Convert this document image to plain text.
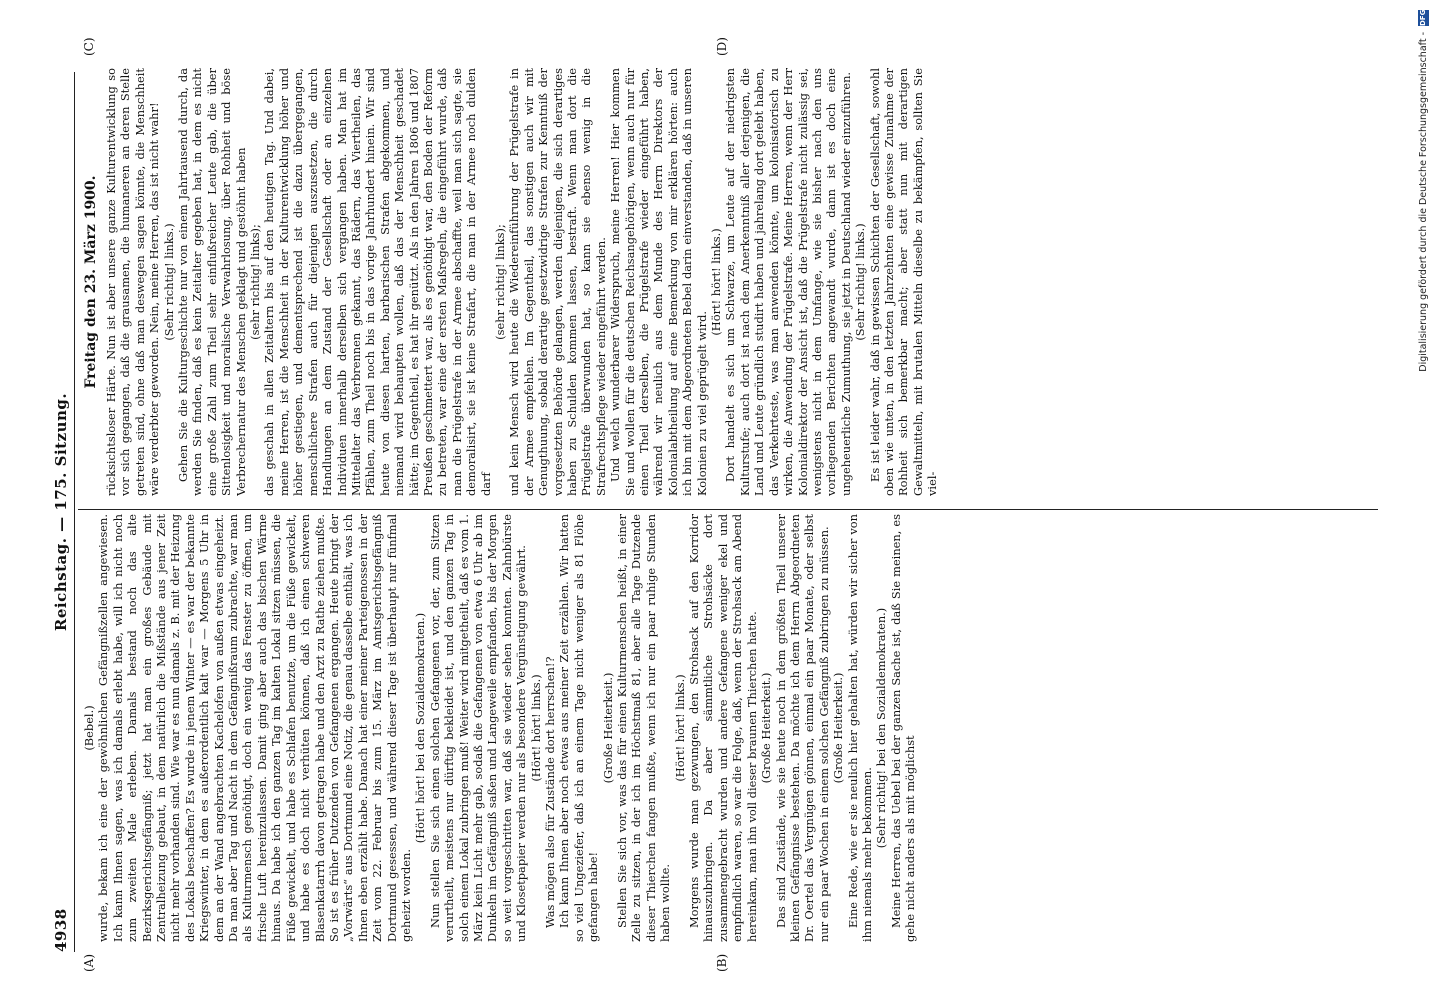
4938
Reichstag. — 175. Sitzung.
(A)	(B)
(C)	(D)

(Bebel.) wurde, bekam ich eine der gewöhnlichen Gefängnißzellen angewiesen. Ich kann Ihnen sagen, was ich damals erlebt habe, will ich nicht noch zum zweiten Male erleben. Damals bestand noch das alte Bezirksgerichtsgefängniß; jetzt hat man ein großes Gebäude mit Zentralheizung gebaut, in dem natürlich die Mißstände aus jener Zeit nicht mehr vorhanden sind. Wie war es nun damals z. B. mit der Heizung des Lokals beschaffen? Es wurde in jenem Winter — es war der bekannte Kriegswinter, in dem es außerordentlich kalt war — Morgens 5 Uhr in dem an der Wand angebrachten Kachelofen von außen etwas eingeheizt. Da man aber Tag und Nacht in dem Gefängnißraum zubrachte, war man als Kulturmensch genöthigt, doch ein wenig das Fenster zu öffnen, um frische Luft hereinzulassen. Damit ging aber auch das bischen Wärme hinaus. Da habe ich den ganzen Tag im kalten Lokal sitzen müssen, die Füße gewickelt, und habe es Schlafen benutzte, um die Füße gewickelt, und habe es doch nicht verhüten können, daß ich einen schweren Blasenkatarrh davon getragen habe und den Arzt zu Rathe ziehen mußte. So ist es früher Dutzenden von Gefangenen ergangen. Heute bringt der „Vorwärts“ aus Dortmund eine Notiz, die genau dasselbe enthält, was ich Ihnen eben erzählt habe. Danach hat einer meiner Parteigenossen in der Zeit vom 22. Februar bis zum 15. März im Amtsgerichtsgefängniß Dortmund gesessen, und während dieser Tage ist überhaupt nur fünfmal geheizt worden.

(Hört! hört! bei den Sozialdemokraten.) Nun stellen Sie sich einen solchen Gefangenen vor, der, zum Sitzen verurtheilt, meistens nur dürftig bekleidet ist, und den ganzen Tag in solch einem Lokal zubringen muß! Weiter wird mitgetheilt, daß es vom 1. März kein Licht mehr gab, sodaß die Gefangenen von etwa 6 Uhr ab im Dunkeln im Gefängniß saßen und Langeweile empfanden, bis der Morgen so weit vorgeschritten war, daß sie wieder sehen konnten. Zahnbürste und Klosetpapier werden nur als besondere Vergünstigung gewährt. (Hört! hört! links.) Was mögen also für Zustände dort herrschen!? Ich kann Ihnen aber noch etwas aus meiner Zeit erzählen. Wir hatten so viel Ungeziefer, daß ich an einem Tage nicht weniger als 81 Flöhe gefangen habe!

(Große Heiterkeit.) Stellen Sie sich vor, was das für einen Kulturmenschen heißt, in einer Zelle zu sitzen, in der ich im Höchstmaß 81, aber alle Tage Dutzende dieser Thierchen fangen mußte, wenn ich nur ein paar ruhige Stunden haben wollte.

(Hört! hört! links.) Morgens wurde man gezwungen, den Strohsack auf den Korridor hinauszubringen. Da aber sämmtliche Strohsäcke dort zusammengebracht wurden und andere Gefangene weniger ekel und empfindlich waren, so war die Folge, daß, wenn der Strohsack am Abend hereinkam, man ihn voll dieser braunen Thierchen hatte. (Große Heiterkeit.) Das sind Zustände, wie sie heute noch in dem größten Theil unserer kleinen Gefängnisse bestehen. Da möchte ich dem Herrn Abgeordneten Dr. Oertel das Vergnügen gönnen, einmal ein paar Monate, oder selbst nur ein paar Wochen in einem solchen Gefängniß zubringen zu müssen. (Große Heiterkeit.) Eine Rede, wie er sie neulich hier gehalten hat, würden wir sicher von ihm niemals mehr bekommen.

(Sehr richtig! bei den Sozialdemokraten.) Meine Herren, das Uebel bei der ganzen Sache ist, daß Sie meinen, es gehe nicht anders als mit möglichst

Freitag den 23. März 1900. rücksichtsloser Härte. Nun ist aber unsere ganze Kulturentwicklung so vor sich gegangen, daß die grausamen, die humaneren an deren Stelle getreten sind, ohne daß man deswegen sagen könnte, die Menschheit wäre verderbter geworden. Nein, meine Herren, das ist nicht wahr! (Sehr richtig! links.) Gehen Sie die Kulturgeschichte nur von einem Jahrtausend durch, da werden Sie finden, daß es kein Zeitalter gegeben hat, in dem es nicht eine große Zahl zum Theil sehr einflußreicher Leute gab, die über Sittenlosigkeit und moralische Verwahrlosung, über Rohheit und böse Verbrechernatur des Menschen geklagt und gestöhnt haben (sehr richtig! links); das geschah in allen Zeitaltern bis auf den heutigen Tag. Und dabei, meine Herren, ist die Menschheit in der Kulturentwicklung höher und höher gestiegen, und dementsprechend ist die dazu übergegangen, menschlichere Strafen auch für diejenigen auszusetzen, die durch Handlungen an dem Zustand der Gesellschaft oder an einzelnen Individuen innerhalb derselben sich vergangen haben. Man hat im Mittelalter das Verbrennen gekannt, das Rädern, das Viertheilen, das Pfählen, zum Theil noch bis in das vorige Jahrhundert hinein. Wir sind heute von diesen harten, barbarischen Strafen abgekommen, und niemand wird behaupten wollen, daß das der Menschheit geschadet hätte; im Gegentheil, es hat ihr genützt. Als in den Jahren 1806 und 1807 Preußen geschmettert war, als es genöthigt war, den Boden der Reform zu betreten, war eine der ersten Maßregeln, die eingeführt wurde, daß man die Prügelstrafe in der Armee abschaffte, weil man sich sagte, sie demoralisirt, sie ist keine Strafart, die man in der Armee noch dulden darf

(sehr richtig! links); und kein Mensch wird heute die Wiedereinführung der Prügelstrafe in der Armee empfehlen. Im Gegentheil, das sonstigen auch wir mit Genugthuung, sobald derartige gesetzwidrige Strafen zur Kenntniß der vorgesetzten Behörde gelangen, werden diejenigen, die sich derartiges haben zu Schulden kommen lassen, bestraft. Wenn man dort die Prügelstrafe überwunden hat, so kann sie ebenso wenig in die Strafrechtspflege wieder eingeführt werden. Und welch wunderbarer Widerspruch, meine Herren! Hier kommen Sie und wollen für die deutschen Reichsangehörigen, wenn auch nur für einen Theil derselben, die Prügelstrafe wieder eingeführt haben, während wir neulich aus dem Munde des Herrn Direktors der Kolonialabtheilung auf eine Bemerkung von mir erklären hörten: auch ich bin mit dem Abgeordneten Bebel darin einverstanden, daß in unseren Kolonien zu viel geprügelt wird.

(Hört! hört! links.) Dort handelt es sich um Schwarze, um Leute auf der niedrigsten Kulturstufe; auch dort ist nach dem Anerkenntniß aller derjenigen, die Land und Leute gründlich studirt haben und jahrelang dort gelebt haben, das Verkehrteste, was man anwenden könnte, um kolonisatorisch zu wirken, die Anwendung der Prügelstrafe. Meine Herren, wenn der Herr Kolonialdirektor der Ansicht ist, daß die Prügelstrafe nicht zulässig sei, wenigstens nicht in dem Umfange, wie sie bisher nach den uns vorliegenden Berichten angewandt wurde, dann ist es doch eine ungeheuerliche Zumuthung, sie jetzt in Deutschland wieder einzuführen. (Sehr richtig! links.) Es ist leider wahr, daß in gewissen Schichten der Gesellschaft, sowohl oben wie unten, in den letzten Jahrzehnten eine gewisse Zunahme der Rohheit sich bemerkbar macht; aber statt nun mit derartigen Gewaltmitteln, mit brutalen Mitteln dieselbe zu bekämpfen, sollten Sie viel-

Digitalisierung gefördert durch die Deutsche Forschungsgemeinschaft -
DFG
